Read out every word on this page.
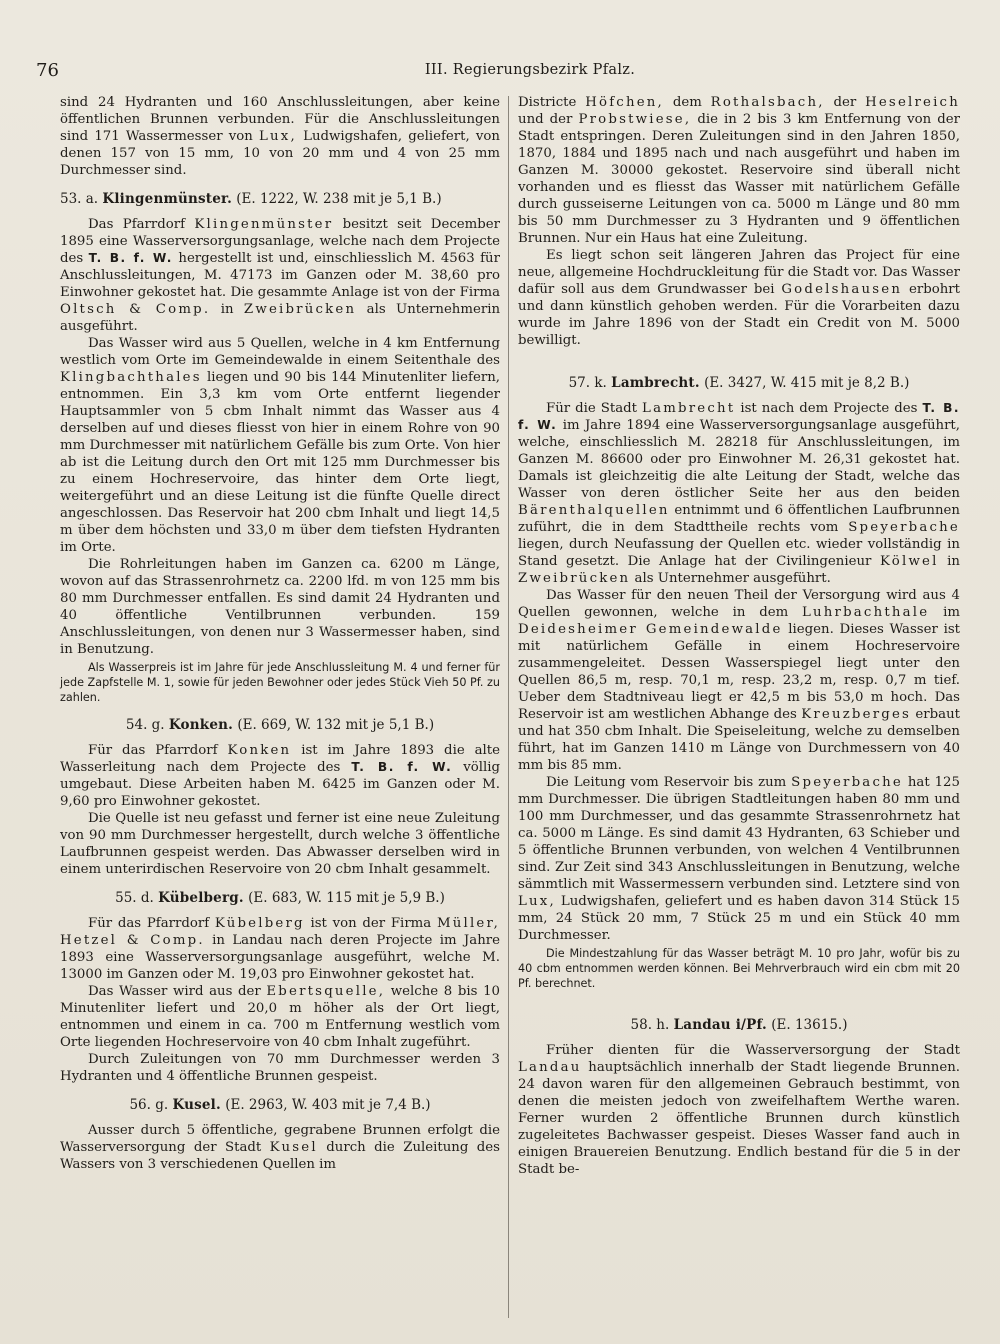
76	III. Regierungsbezirk Pfalz.

sind 24 Hydranten und 160 Anschlussleitungen, aber keine öffentlichen Brunnen verbunden. Für die Anschlussleitungen sind 171 Wassermesser von Lux, Ludwigshafen, geliefert, von denen 157 von 15 mm, 10 von 20 mm und 4 von 25 mm Durchmesser sind.

53. a. Klingenmünster. (E. 1222, W. 238 mit je 5,1 B.)

Das Pfarrdorf Klingenmünster besitzt seit December 1895 eine Wasserversorgungsanlage, welche nach dem Projecte des T. B. f. W. hergestellt ist und, einschliesslich M. 4563 für Anschlussleitungen, M. 47173 im Ganzen oder M. 38,60 pro Einwohner gekostet hat. Die gesammte Anlage ist von der Firma Oltsch & Comp. in Zweibrücken als Unternehmerin ausgeführt.

Das Wasser wird aus 5 Quellen, welche in 4 km Entfernung westlich vom Orte im Gemeindewalde in einem Seitenthale des Klingbachthales liegen und 90 bis 144 Minutenliter liefern, entnommen. Ein 3,3 km vom Orte entfernt liegender Hauptsammler von 5 cbm Inhalt nimmt das Wasser aus 4 derselben auf und dieses fliesst von hier in einem Rohre von 90 mm Durchmesser mit natürlichem Gefälle bis zum Orte. Von hier ab ist die Leitung durch den Ort mit 125 mm Durchmesser bis zu einem Hochreservoire, das hinter dem Orte liegt, weitergeführt und an diese Leitung ist die fünfte Quelle direct angeschlossen. Das Reservoir hat 200 cbm Inhalt und liegt 14,5 m über dem höchsten und 33,0 m über dem tiefsten Hydranten im Orte.

Die Rohrleitungen haben im Ganzen ca. 6200 m Länge, wovon auf das Strassenrohrnetz ca. 2200 lfd. m von 125 mm bis 80 mm Durchmesser entfallen. Es sind damit 24 Hydranten und 40 öffentliche Ventilbrunnen verbunden. 159 Anschlussleitungen, von denen nur 3 Wassermesser haben, sind in Benutzung.

Als Wasserpreis ist im Jahre für jede Anschlussleitung M. 4 und ferner für jede Zapfstelle M. 1, sowie für jeden Bewohner oder jedes Stück Vieh 50 Pf. zu zahlen.

54. g. Konken. (E. 669, W. 132 mit je 5,1 B.)

Für das Pfarrdorf Konken ist im Jahre 1893 die alte Wasserleitung nach dem Projecte des T. B. f. W. völlig umgebaut. Diese Arbeiten haben M. 6425 im Ganzen oder M. 9,60 pro Einwohner gekostet.

Die Quelle ist neu gefasst und ferner ist eine neue Zuleitung von 90 mm Durchmesser hergestellt, durch welche 3 öffentliche Laufbrunnen gespeist werden. Das Abwasser derselben wird in einem unterirdischen Reservoire von 20 cbm Inhalt gesammelt.

55. d. Kübelberg. (E. 683, W. 115 mit je 5,9 B.)

Für das Pfarrdorf Kübelberg ist von der Firma Müller, Hetzel & Comp. in Landau nach deren Projecte im Jahre 1893 eine Wasserversorgungsanlage ausgeführt, welche M. 13000 im Ganzen oder M. 19,03 pro Einwohner gekostet hat.

Das Wasser wird aus der Ebertsquelle, welche 8 bis 10 Minutenliter liefert und 20,0 m höher als der Ort liegt, entnommen und einem in ca. 700 m Entfernung westlich vom Orte liegenden Hochreservoire von 40 cbm Inhalt zugeführt.

Durch Zuleitungen von 70 mm Durchmesser werden 3 Hydranten und 4 öffentliche Brunnen gespeist.

56. g. Kusel. (E. 2963, W. 403 mit je 7,4 B.)

Ausser durch 5 öffentliche, gegrabene Brunnen erfolgt die Wasserversorgung der Stadt Kusel durch die Zuleitung des Wassers von 3 verschiedenen Quellen im

Districte Höfchen, dem Rothalsbach, der Heselreich und der Probstwiese, die in 2 bis 3 km Entfernung von der Stadt entspringen. Deren Zuleitungen sind in den Jahren 1850, 1870, 1884 und 1895 nach und nach ausgeführt und haben im Ganzen M. 30000 gekostet. Reservoire sind überall nicht vorhanden und es fliesst das Wasser mit natürlichem Gefälle durch gusseiserne Leitungen von ca. 5000 m Länge und 80 mm bis 50 mm Durchmesser zu 3 Hydranten und 9 öffentlichen Brunnen. Nur ein Haus hat eine Zuleitung.

Es liegt schon seit längeren Jahren das Project für eine neue, allgemeine Hochdruckleitung für die Stadt vor. Das Wasser dafür soll aus dem Grundwasser bei Godelshausen erbohrt und dann künstlich gehoben werden. Für die Vorarbeiten dazu wurde im Jahre 1896 von der Stadt ein Credit von M. 5000 bewilligt.

57. k. Lambrecht. (E. 3427, W. 415 mit je 8,2 B.)

Für die Stadt Lambrecht ist nach dem Projecte des T. B. f. W. im Jahre 1894 eine Wasserversorgungsanlage ausgeführt, welche, einschliesslich M. 28218 für Anschlussleitungen, im Ganzen M. 86600 oder pro Einwohner M. 26,31 gekostet hat. Damals ist gleichzeitig die alte Leitung der Stadt, welche das Wasser von deren östlicher Seite her aus den beiden Bärenthalquellen entnimmt und 6 öffentlichen Laufbrunnen zuführt, die in dem Stadttheile rechts vom Speyerbache liegen, durch Neufassung der Quellen etc. wieder vollständig in Stand gesetzt. Die Anlage hat der Civilingenieur Kölwel in Zweibrücken als Unternehmer ausgeführt.

Das Wasser für den neuen Theil der Versorgung wird aus 4 Quellen gewonnen, welche in dem Luhrbachthale im Deidesheimer Gemeindewalde liegen. Dieses Wasser ist mit natürlichem Gefälle in einem Hochreservoire zusammengeleitet. Dessen Wasserspiegel liegt unter den Quellen 86,5 m, resp. 70,1 m, resp. 23,2 m, resp. 0,7 m tief. Ueber dem Stadtniveau liegt er 42,5 m bis 53,0 m hoch. Das Reservoir ist am westlichen Abhange des Kreuzberges erbaut und hat 350 cbm Inhalt. Die Speiseleitung, welche zu demselben führt, hat im Ganzen 1410 m Länge von Durchmessern von 40 mm bis 85 mm.

Die Leitung vom Reservoir bis zum Speyerbache hat 125 mm Durchmesser. Die übrigen Stadtleitungen haben 80 mm und 100 mm Durchmesser, und das gesammte Strassenrohrnetz hat ca. 5000 m Länge. Es sind damit 43 Hydranten, 63 Schieber und 5 öffentliche Brunnen verbunden, von welchen 4 Ventilbrunnen sind. Zur Zeit sind 343 Anschlussleitungen in Benutzung, welche sämmtlich mit Wassermessern verbunden sind. Letztere sind von Lux, Ludwigshafen, geliefert und es haben davon 314 Stück 15 mm, 24 Stück 20 mm, 7 Stück 25 m und ein Stück 40 mm Durchmesser.

Die Mindestzahlung für das Wasser beträgt M. 10 pro Jahr, wofür bis zu 40 cbm entnommen werden können. Bei Mehrverbrauch wird ein cbm mit 20 Pf. berechnet.

58. h. Landau i/Pf. (E. 13615.)

Früher dienten für die Wasserversorgung der Stadt Landau hauptsächlich innerhalb der Stadt liegende Brunnen. 24 davon waren für den allgemeinen Gebrauch bestimmt, von denen die meisten jedoch von zweifelhaftem Werthe waren. Ferner wurden 2 öffentliche Brunnen durch künstlich zugeleitetes Bachwasser gespeist. Dieses Wasser fand auch in einigen Brauereien Benutzung. Endlich bestand für die 5 in der Stadt be-
